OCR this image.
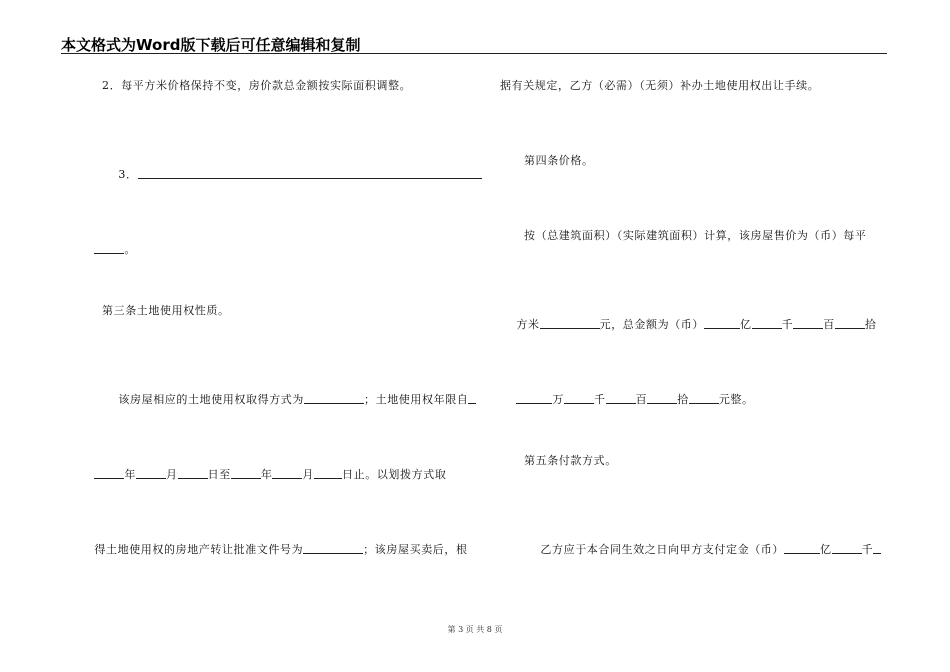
本文格式为Word版下载后可任意编辑和复制
2．每平方米价格保持不变，房价款总金额按实际面积调整。

3．

。

第三条土地使用权性质。

该房屋相应的土地使用权取得方式为	；土地使用权年限自

年	月	日至	年	月	日止。以划拨方式取

得土地使用权的房地产转让批准文件号为	；该房屋买卖后，根

据有关规定，乙方（必需）（无须）补办土地使用权出让手续。
第四条价格。
按（总建筑面积）（实际建筑面积）计算，该房屋售价为（币）每平

方米	元，总金额为（币）	亿	千	百	拾

万	千	百	拾	元整。

第五条付款方式。

乙方应于本合同生效之日向甲方支付定金（币）	亿	千

第 3 页 共 8 页
